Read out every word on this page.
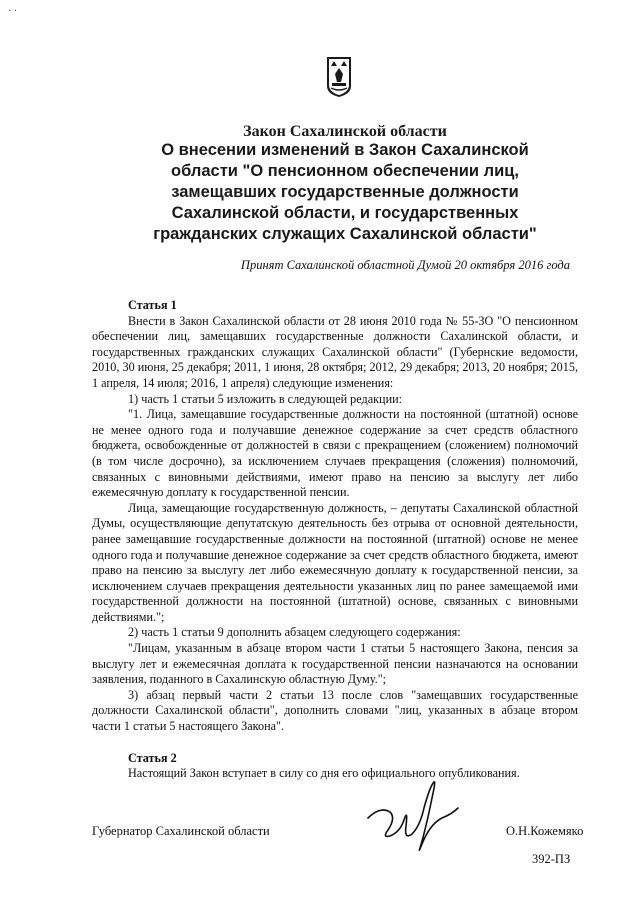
· ·
Закон Сахалинской области
О внесении изменений в Закон Сахалинской
области "О пенсионном обеспечении лиц,
замещавших государственные должности
Сахалинской области, и государственных
гражданских служащих Сахалинской области"
Принят Сахалинской областной Думой 20 октября 2016 года
Статья 1

Внести в Закон Сахалинской области от 28 июня 2010 года № 55-ЗО "О пенсионном обеспечении лиц, замещавших государственные должности Сахалинской области, и государственных гражданских служащих Сахалинской области" (Губернские ведомости, 2010, 30 июня, 25 декабря; 2011, 1 июня, 28 октября; 2012, 29 декабря; 2013, 20 ноября; 2015, 1 апреля, 14 июля; 2016, 1 апреля) следующие изменения:

1) часть 1 статьи 5 изложить в следующей редакции:

"1. Лица, замещавшие государственные должности на постоянной (штатной) основе не менее одного года и получавшие денежное содержание за счет средств областного бюджета, освобожденные от должностей в связи с прекращением (сложением) полномочий (в том числе досрочно), за исключением случаев прекращения (сложения) полномочий, связанных с виновными действиями, имеют право на пенсию за выслугу лет либо ежемесячную доплату к государственной пенсии.

Лица, замещающие государственную должность, – депутаты Сахалинской областной Думы, осуществляющие депутатскую деятельность без отрыва от основной деятельности, ранее замещавшие государственные должности на постоянной (штатной) основе не менее одного года и получавшие денежное содержание за счет средств областного бюджета, имеют право на пенсию за выслугу лет либо ежемесячную доплату к государственной пенсии, за исключением случаев прекращения деятельности указанных лиц по ранее замещаемой ими государственной должности на постоянной (штатной) основе, связанных с виновными действиями.";

2) часть 1 статьи 9 дополнить абзацем следующего содержания:

"Лицам, указанным в абзаце втором части 1 статьи 5 настоящего Закона, пенсия за выслугу лет и ежемесячная доплата к государственной пенсии назначаются на основании заявления, поданного в Сахалинскую областную Думу.";

3) абзац первый части 2 статьи 13 после слов "замещавших государственные должности Сахалинской области", дополнить словами "лиц, указанных в абзаце втором части 1 статьи 5 настоящего Закона".

Статья 2

Настоящий Закон вступает в силу со дня его официального опубликования.

Губернатор Сахалинской области	О.Н.Кожемяко
392-ПЗ
